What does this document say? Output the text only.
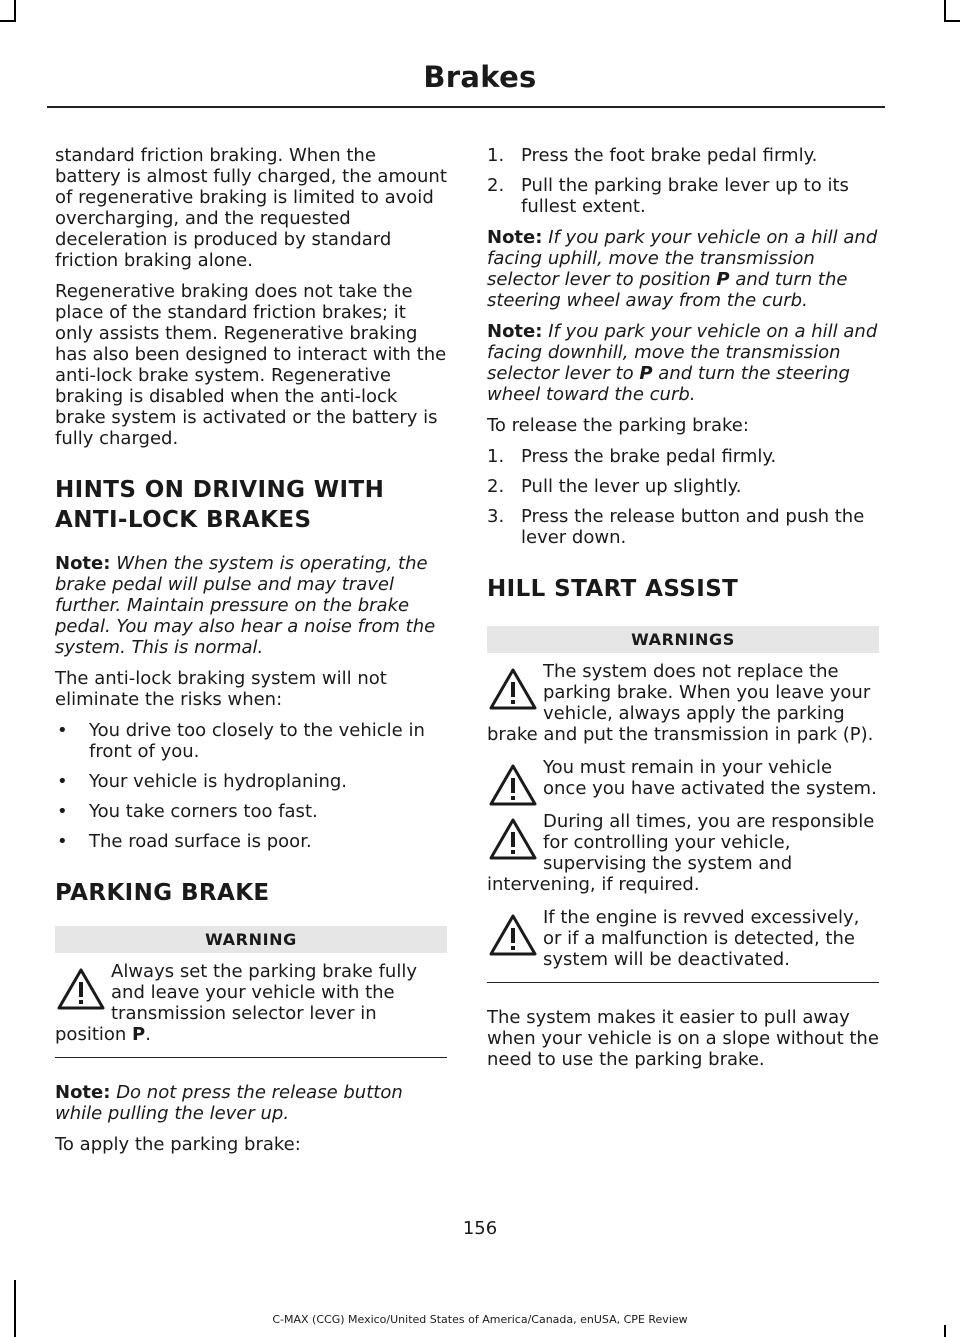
Brakes

standard friction braking. When the battery is almost fully charged, the amount of regenerative braking is limited to avoid overcharging, and the requested deceleration is produced by standard friction braking alone.

Regenerative braking does not take the place of the standard friction brakes; it only assists them. Regenerative braking has also been designed to interact with the anti-lock brake system. Regenerative braking is disabled when the anti-lock brake system is activated or the battery is fully charged.

HINTS ON DRIVING WITH
ANTI-LOCK BRAKES

Note: When the system is operating, the brake pedal will pulse and may travel further. Maintain pressure on the brake pedal. You may also hear a noise from the system. This is normal.

The anti-lock braking system will not eliminate the risks when:

• You drive too closely to the vehicle in front of you.
• Your vehicle is hydroplaning.
• You take corners too fast.
• The road surface is poor.
PARKING BRAKE
WARNING
Always set the parking brake fully and leave your vehicle with the transmission selector lever in position P.

Note: Do not press the release button while pulling the lever up.

To apply the parking brake:

1. Press the foot brake pedal firmly.
2. Pull the parking brake lever up to its fullest extent.

Note: If you park your vehicle on a hill and facing uphill, move the transmission selector lever to position P and turn the steering wheel away from the curb.

Note: If you park your vehicle on a hill and facing downhill, move the transmission selector lever to P and turn the steering wheel toward the curb.

To release the parking brake:

1. Press the brake pedal firmly.
2. Pull the lever up slightly.
3. Press the release button and push the lever down.
HILL START ASSIST
WARNINGS
The system does not replace the parking brake. When you leave your vehicle, always apply the parking brake and put the transmission in park (P).
You must remain in your vehicle once you have activated the system.
During all times, you are responsible for controlling your vehicle, supervising the system and intervening, if required.
If the engine is revved excessively, or if a malfunction is detected, the system will be deactivated.

The system makes it easier to pull away when your vehicle is on a slope without the need to use the parking brake.

156
C-MAX (CCG) Mexico/United States of America/Canada, enUSA, CPE Review
